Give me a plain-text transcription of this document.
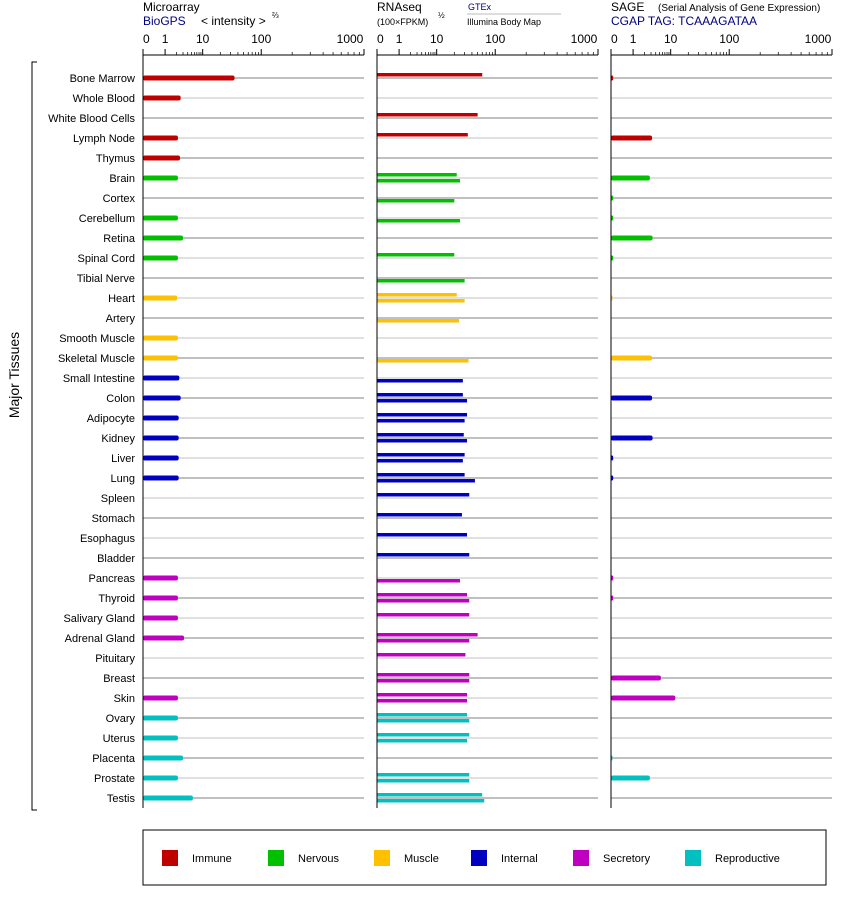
0 1 10	100	1000 0 1 10	100	1000 0 1 10	100	1000
Bone Marrow
Whole Blood
White Blood Cells
Lymph Node
Thymus
Brain
Cortex
Cerebellum
Retina
Spinal Cord
Tibial Nerve
Heart
Artery
Smooth Muscle
Skeletal Muscle
Small Intestine
Colon
Adipocyte
Kidney
Liver
Lung
Spleen
Stomach
Esophagus
Bladder
Pancreas
Thyroid
Salivary Gland
Adrenal Gland
Pituitary
Breast
Skin
Ovary
Uterus
Placenta
Prostate
Testis
Microarray
BioGPS < intensity > ⅔
RNAseq
(100×FPKM)
½
GTEx
Illumina Body Map
SAGE (Serial Analysis of Gene Expression)
CGAP TAG: TCAAAGATAA
Major Tissues
Immune	Nervous	Muscle	Internal	Secretory	Reproductive
